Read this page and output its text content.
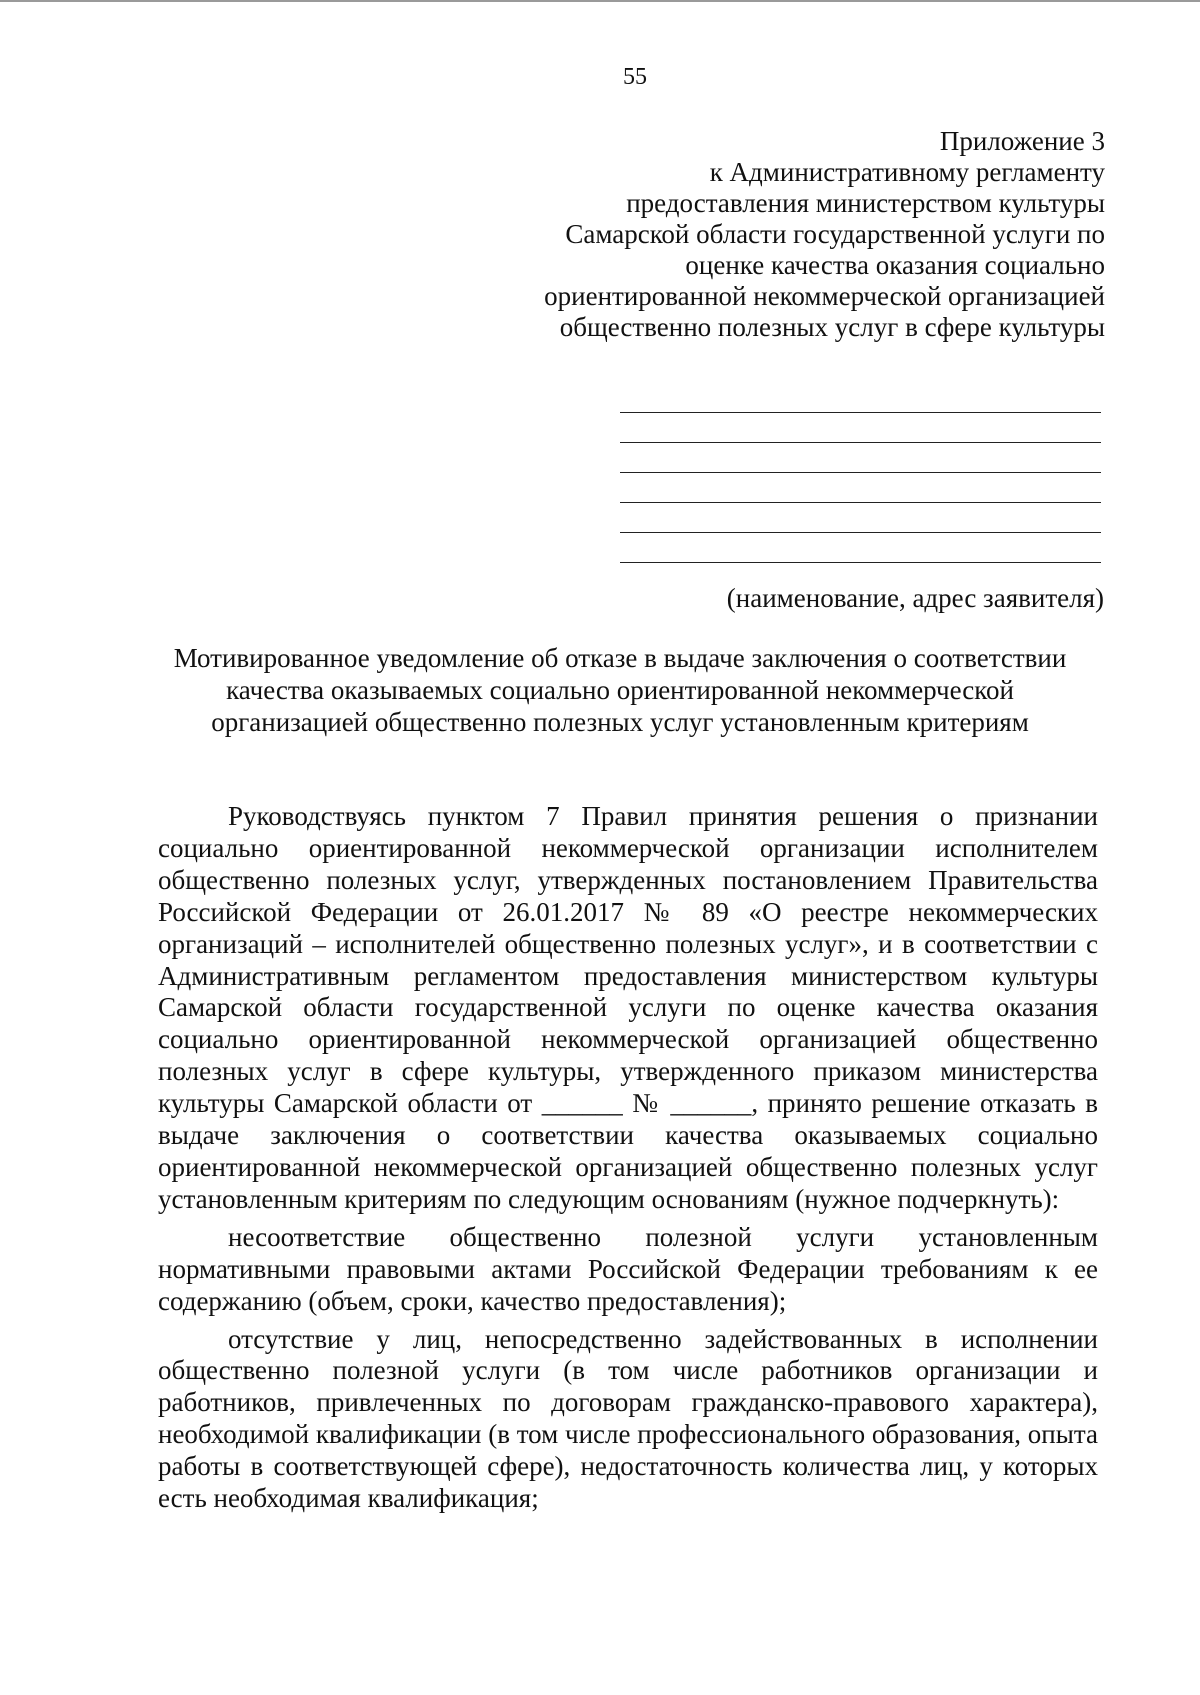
55
Приложение 3
к Административному регламенту
предоставления министерством культуры
Самарской области государственной услуги по
оценке качества оказания социально
ориентированной некоммерческой организацией
общественно полезных услуг в сфере культуры
(наименование, адрес заявителя)
Мотивированное уведомление об отказе в выдаче заключения о соответствии
качества оказываемых социально ориентированной некоммерческой
организацией общественно полезных услуг установленным критериям

Руководствуясь пунктом 7 Правил принятия решения о признании социально ориентированной некоммерческой организации исполнителем общественно полезных услуг, утвержденных постановлением Правительства Российской Федерации от 26.01.2017 № 89 «О реестре некоммерческих организаций – исполнителей общественно полезных услуг», и в соответствии с Административным регламентом предоставления министерством культуры Самарской области государственной услуги по оценке качества оказания социально ориентированной некоммерческой организацией общественно полезных услуг в сфере культуры, утвержденного приказом министерства культуры Самарской области от ______ № ______, принято решение отказать в выдаче заключения о соответствии качества оказываемых социально ориентированной некоммерческой организацией общественно полезных услуг установленным критериям по следующим основаниям (нужное подчеркнуть):

несоответствие общественно полезной услуги установленным нормативными правовыми актами Российской Федерации требованиям к ее содержанию (объем, сроки, качество предоставления);

отсутствие у лиц, непосредственно задействованных в исполнении общественно полезной услуги (в том числе работников организации и работников, привлеченных по договорам гражданско-правового характера), необходимой квалификации (в том числе профессионального образования, опыта работы в соответствующей сфере), недостаточность количества лиц, у которых есть необходимая квалификация;
